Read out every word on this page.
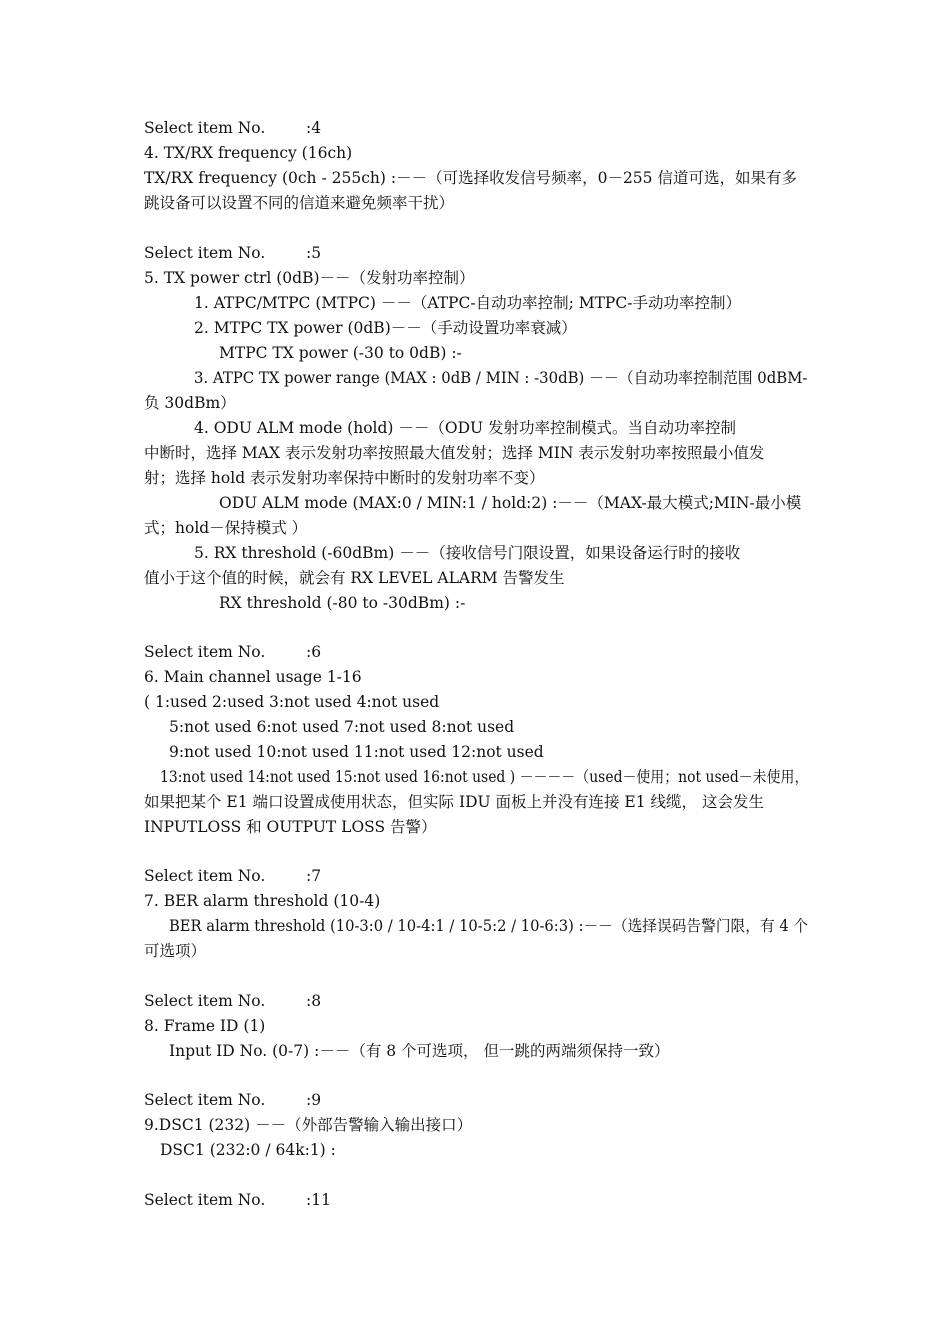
Select item No.	:4
4. TX/RX frequency (16ch)
TX/RX frequency (0ch - 255ch) :－－（可选择收发信号频率，0－255 信道可选，如果有多
跳设备可以设置不同的信道来避免频率干扰）
Select item No.	:5
5. TX power ctrl (0dB)－－（发射功率控制）
1. ATPC/MTPC (MTPC) －－（ATPC-自动功率控制; MTPC-手动功率控制）
2. MTPC TX power (0dB)－－（手动设置功率衰减）
MTPC TX power (-30 to 0dB) :-
3. ATPC TX power range (MAX : 0dB / MIN : -30dB) －－（自动功率控制范围 0dBM-
负 30dBm）
4. ODU ALM mode (hold) －－（ODU 发射功率控制模式。当自动功率控制
中断时，选择 MAX 表示发射功率按照最大值发射；选择 MIN 表示发射功率按照最小值发
射；选择 hold 表示发射功率保持中断时的发射功率不变）
ODU ALM mode (MAX:0 / MIN:1 / hold:2) :－－（MAX-最大模式;MIN-最小模
式；hold－保持模式 ）
5. RX threshold (-60dBm) －－（接收信号门限设置，如果设备运行时的接收
值小于这个值的时候，就会有 RX LEVEL ALARM 告警发生
RX threshold (-80 to -30dBm) :-
Select item No.	:6
6. Main channel usage 1-16
( 1:used 2:used 3:not used 4:not used
5:not used 6:not used 7:not used 8:not used
9:not used 10:not used 11:not used 12:not used
13:not used 14:not used 15:not used 16:not used ) －－－－（used－使用；not used－未使用，
如果把某个 E1 端口设置成使用状态，但实际 IDU 面板上并没有连接 E1 线缆， 这会发生
INPUTLOSS 和 OUTPUT LOSS 告警）
Select item No.	:7
7. BER alarm threshold (10-4)
BER alarm threshold (10-3:0 / 10-4:1 / 10-5:2 / 10-6:3) :－－（选择误码告警门限，有 4 个
可选项）
Select item No.	:8
8. Frame ID (1)
Input ID No. (0-7) :－－（有 8 个可选项， 但一跳的两端须保持一致）
Select item No.	:9
9.DSC1 (232) －－（外部告警输入输出接口）
DSC1 (232:0 / 64k:1) :
Select item No.	:11
